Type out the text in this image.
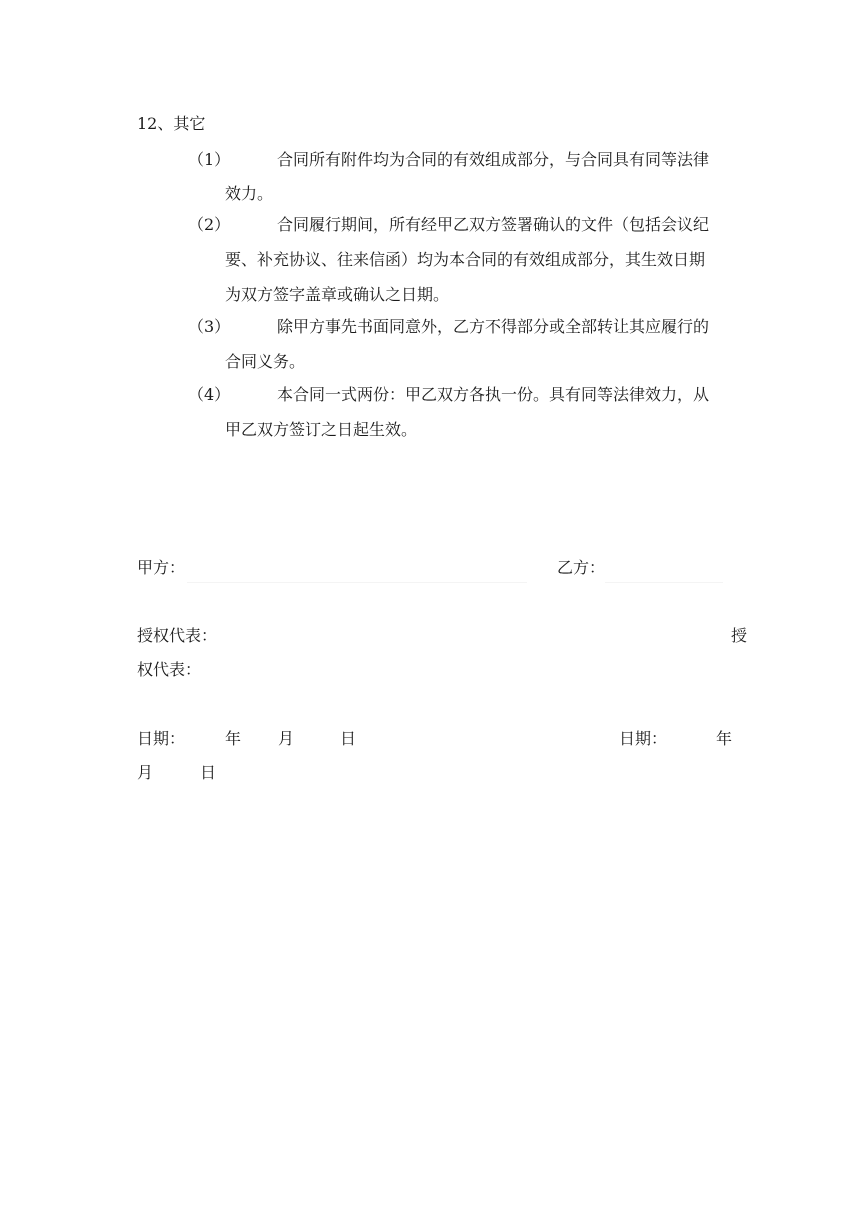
12、其它
（1）	合同所有附件均为合同的有效组成部分，与合同具有同等法律
效力。
（2）	合同履行期间，所有经甲乙双方签署确认的文件（包括会议纪
要、补充协议、往来信函）均为本合同的有效组成部分，其生效日期
为双方签字盖章或确认之日期。
（3）	除甲方事先书面同意外，乙方不得部分或全部转让其应履行的
合同义务。
（4）	本合同一式两份：甲乙双方各执一份。具有同等法律效力，从
甲乙双方签订之日起生效。
甲方：	乙方：
授权代表：	授
权代表：
日期： 年 月	日	日期：	年
月	日
